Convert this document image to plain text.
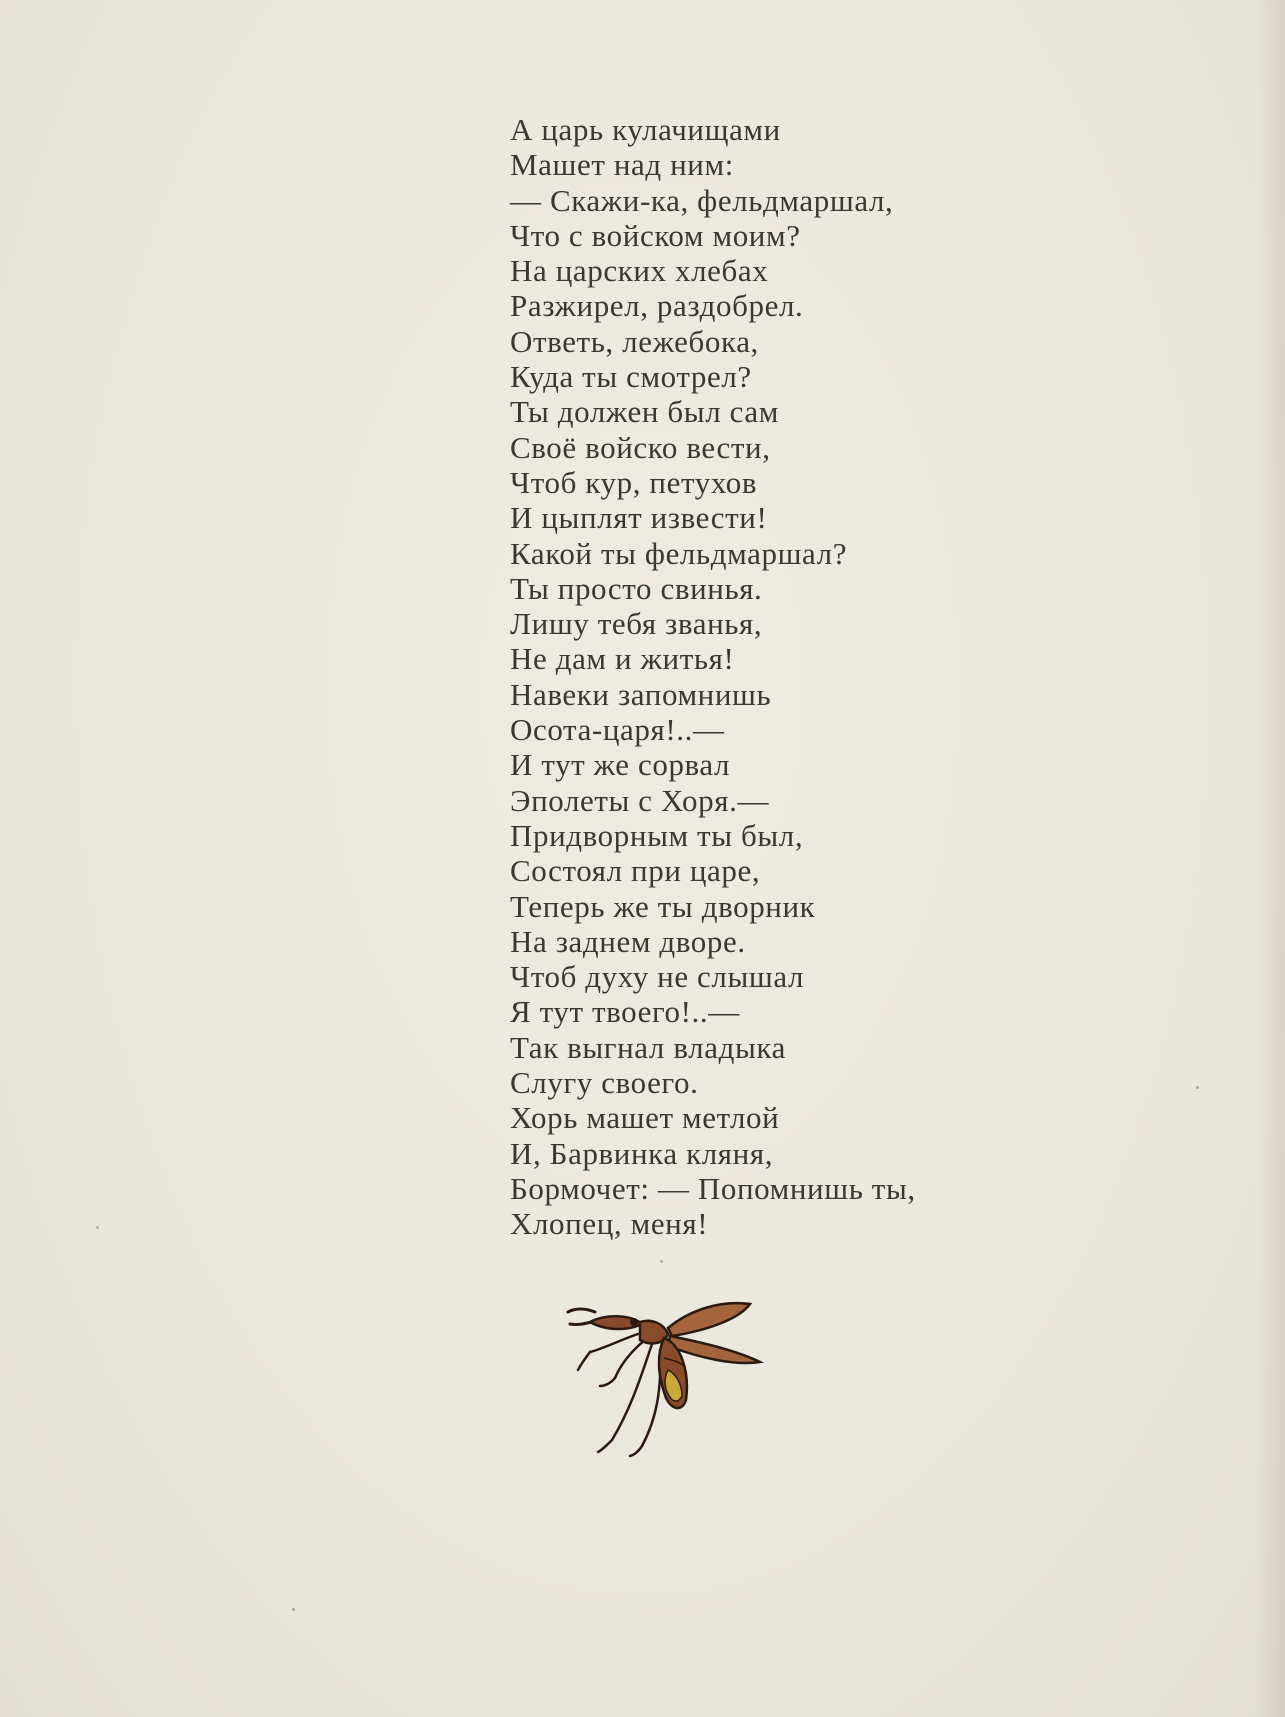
А царь кулачищами
Машет над ним:
— Скажи-ка, фельдмаршал,
Что с войском моим?
На царских хлебах
Разжирел, раздобрел.
Ответь, лежебока,
Куда ты смотрел?
Ты должен был сам
Своё войско вести,
Чтоб кур, петухов
И цыплят извести!
Какой ты фельдмаршал?
Ты просто свинья.
Лишу тебя званья,
Не дам и житья!
Навеки запомнишь
Осота-царя!..—
И тут же сорвал
Эполеты с Хоря.—
Придворным ты был,
Состоял при царе,
Теперь же ты дворник
На заднем дворе.
Чтоб духу не слышал
Я тут твоего!..—
Так выгнал владыка
Слугу своего.
Хорь машет метлой
И, Барвинка кляня,
Бормочет: — Попомнишь ты,
Хлопец, меня!
